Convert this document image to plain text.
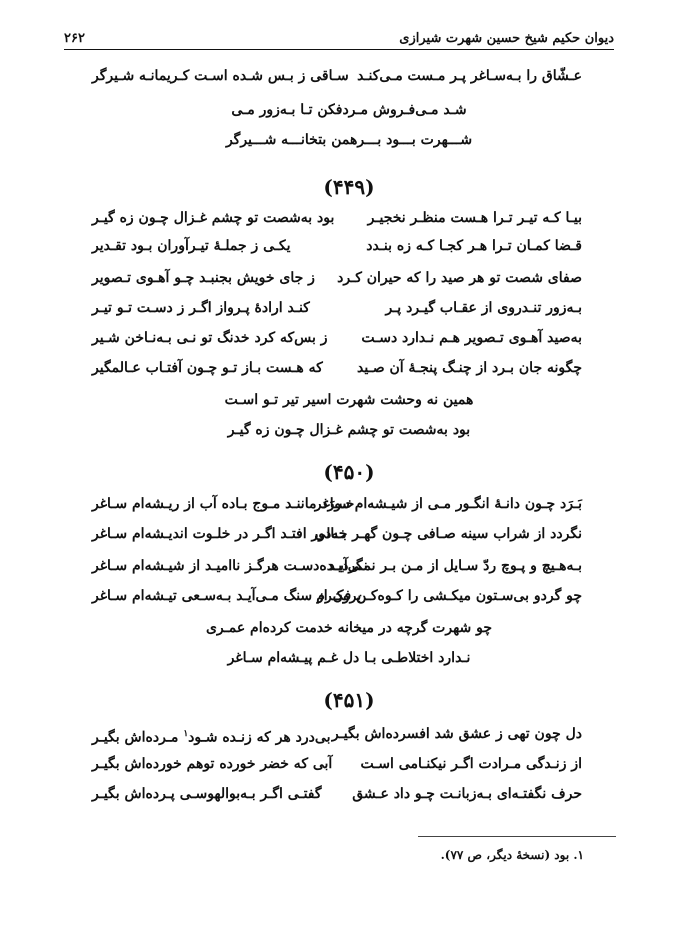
دیوان حکیم شیخ حسین شهرت شیرازی
۲۶۲
عـشّاق را بـه‌سـاغر پـر مـست مـی‌کنـد
سـاقی ز بـس شـده اسـت کـریمانـه شـیرگر
شـد مـی‌فـروش مـردفکن تـا بـه‌زور مـی
شـــهرت بـــود بـــرهمن بتخانـــه شـــیرگر
(۴۴۹)
بیـا کـه تیـر تـرا هـست منظـر نخجیـر
بود به‌شصت تو چشم غـزال چـون زه گیـر
قـضا کمـان تـرا هـر کجـا کـه زه بنـدد
یکـی ز جملـۀ تیـرآوران بـود تقـدیر
صفای شصت تو هر صید را که حیران کـرد
ز جای خویش بجنبـد چـو آهـوی تـصویر
بـه‌زور تنـدروی از عقـاب گیـرد پـر
کنـد ارادۀ پـرواز اگـر ز دسـت تـو تیـر
به‌صید آهـوی تـصویر هـم نـدارد دسـت
ز بس‌که کرد خدنگ تو نـی بـه‌نـاخن شـیر
چگونه جان بـرد از چنـگ پنجـۀ آن صـید
که هـست بـاز تـو چـون آفتـاب عـالمگیر
همین نه وحشت شهرت اسیر تیر تـو اسـت
بود به‌شصت تو چشم غـزال چـون زه گیـر
(۴۵۰)
بَـرَد چـون دانـۀ انگـور مـی از شیـشه‌ام سـاغر
خـورَد ماننـد مـوج بـاده آب از ریـشه‌ام سـاغر
نگردد از شراب سینه صـافی چـون گهـر خـالی
بـه‌دور افتـد اگـر در خلـوت اندیـشه‌ام سـاغر
بـه‌هـیچ و پـوچ ردّ سـایل از مـن بـر نمـی‌آیـد
نگردیـده‌دسـت هرگـز ناامیـد از شیـشه‌ام سـاغر
چو گردو بی‌سـتون میکـشی را کـوه‌کـن فکـرم
برون از سنگ مـی‌آیـد بـه‌سـعی تیـشه‌ام سـاغر
چو شهرت گرچه در میخانه خدمت کرده‌ام عمـری
نـدارد اختلاطـی بـا دل غـم پیـشه‌ام سـاغر
(۴۵۱)
دل چون تهی ز عشق شد افسرده‌اش بگیـر
بی‌درد هر که زنـده شـود$^۱$ مـرده‌اش بگیـر
از زنـدگی مـرادت اگـر نیکنـامی اسـت
آبی که خضر خورده توهم خورده‌اش بگیـر
حرف نگفتـه‌ای بـه‌زبانـت چـو داد عـشق
گفتـی اگـر بـه‌بوالهوسـی پـرده‌اش بگیـر
۱. بود (نسخۀ دیگر، ص ۷۷).
